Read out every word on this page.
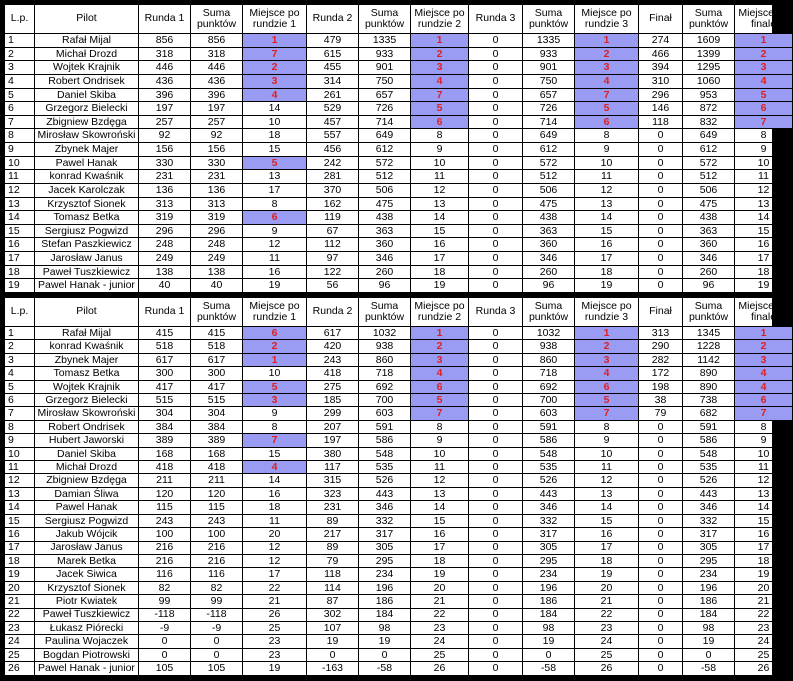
L.p.	Pilot	Runda 1	Suma punktów	Miejsce po rundzie 1	Runda 2	Suma punktów	Miejsce po rundzie 2	Runda 3	Suma punktów	Miejsce po rundzie 3	Finał	Suma punktów	Miejsce po finale
1	Rafał Mijal	856	856	1	479	1335	1	0	1335	1	274	1609	1
2	Michał Drozd	318	318	7	615	933	2	0	933	2	466	1399	2
3	Wojtek Krajnik	446	446	2	455	901	3	0	901	3	394	1295	3
4	Robert Ondrisek	436	436	3	314	750	4	0	750	4	310	1060	4
5	Daniel Skiba	396	396	4	261	657	7	0	657	7	296	953	5
6	Grzegorz Bielecki	197	197	14	529	726	5	0	726	5	146	872	6
7	Zbigniew Bzdęga	257	257	10	457	714	6	0	714	6	118	832	7
8	Mirosław Skowroński	92	92	18	557	649	8	0	649	8	0	649	8
9	Zbynek Majer	156	156	15	456	612	9	0	612	9	0	612	9
10	Pawel Hanak	330	330	5	242	572	10	0	572	10	0	572	10
11	konrad Kwaśnik	231	231	13	281	512	11	0	512	11	0	512	11
12	Jacek Karolczak	136	136	17	370	506	12	0	506	12	0	506	12
13	Krzysztof Sionek	313	313	8	162	475	13	0	475	13	0	475	13
14	Tomasz Betka	319	319	6	119	438	14	0	438	14	0	438	14
15	Sergiusz Pogwizd	296	296	9	67	363	15	0	363	15	0	363	15
16	Stefan Paszkiewicz	248	248	12	112	360	16	0	360	16	0	360	16
17	Jarosław Janus	249	249	11	97	346	17	0	346	17	0	346	17
18	Paweł Tuszkiewicz	138	138	16	122	260	18	0	260	18	0	260	18
19	Pawel Hanak - junior	40	40	19	56	96	19	0	96	19	0	96	19
L.p.	Pilot	Runda 1	Suma punktów	Miejsce po rundzie 1	Runda 2	Suma punktów	Miejsce po rundzie 2	Runda 3	Suma punktów	Miejsce po rundzie 3	Finał	Suma punktów	Miejsce po finale
1	Rafał Mijal	415	415	6	617	1032	1	0	1032	1	313	1345	1
2	konrad Kwaśnik	518	518	2	420	938	2	0	938	2	290	1228	2
3	Zbynek Majer	617	617	1	243	860	3	0	860	3	282	1142	3
4	Tomasz Betka	300	300	10	418	718	4	0	718	4	172	890	4
5	Wojtek Krajnik	417	417	5	275	692	6	0	692	6	198	890	4
6	Grzegorz Bielecki	515	515	3	185	700	5	0	700	5	38	738	6
7	Mirosław Skowroński	304	304	9	299	603	7	0	603	7	79	682	7
8	Robert Ondrisek	384	384	8	207	591	8	0	591	8	0	591	8
9	Hubert Jaworski	389	389	7	197	586	9	0	586	9	0	586	9
10	Daniel Skiba	168	168	15	380	548	10	0	548	10	0	548	10
11	Michał Drozd	418	418	4	117	535	11	0	535	11	0	535	11
12	Zbigniew Bzdęga	211	211	14	315	526	12	0	526	12	0	526	12
13	Damian Śliwa	120	120	16	323	443	13	0	443	13	0	443	13
14	Pawel Hanak	115	115	18	231	346	14	0	346	14	0	346	14
15	Sergiusz Pogwizd	243	243	11	89	332	15	0	332	15	0	332	15
16	Jakub Wójcik	100	100	20	217	317	16	0	317	16	0	317	16
17	Jarosław Janus	216	216	12	89	305	17	0	305	17	0	305	17
18	Marek Betka	216	216	12	79	295	18	0	295	18	0	295	18
19	Jacek Siwica	116	116	17	118	234	19	0	234	19	0	234	19
20	Krzysztof Sionek	82	82	22	114	196	20	0	196	20	0	196	20
21	Piotr Kwiatek	99	99	21	87	186	21	0	186	21	0	186	21
22	Paweł Tuszkiewicz	-118	-118	26	302	184	22	0	184	22	0	184	22
23	Łukasz Piórecki	-9	-9	25	107	98	23	0	98	23	0	98	23
24	Paulina Wojaczek	0	0	23	19	19	24	0	19	24	0	19	24
25	Bogdan Piotrowski	0	0	23	0	0	25	0	0	25	0	0	25
26	Pawel Hanak - junior	105	105	19	-163	-58	26	0	-58	26	0	-58	26
